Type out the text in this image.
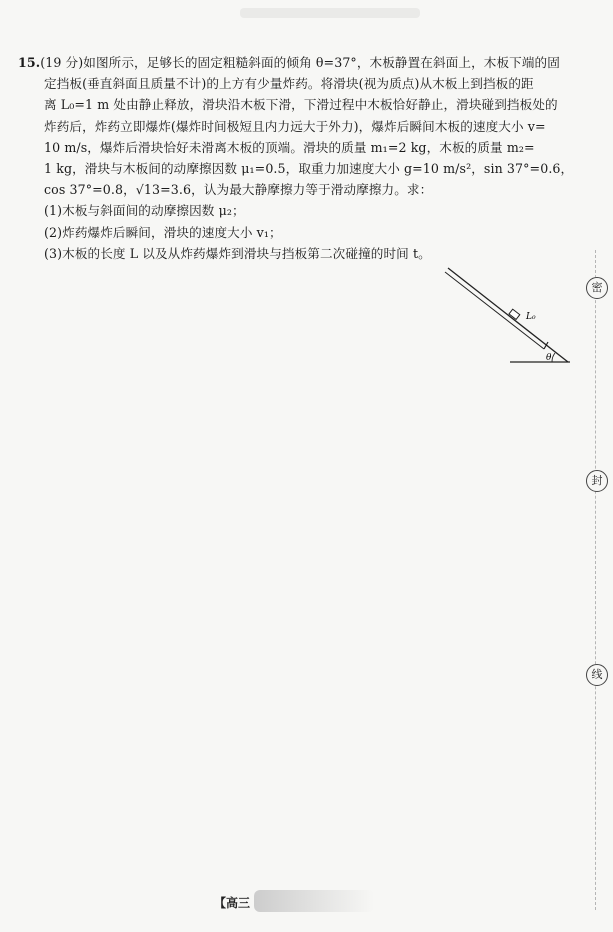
15.(19 分)如图所示，足够长的固定粗糙斜面的倾角 θ=37°，木板静置在斜面上，木板下端的固

定挡板(垂直斜面且质量不计)的上方有少量炸药。将滑块(视为质点)从木板上到挡板的距

离 L₀=1 m 处由静止释放，滑块沿木板下滑，下滑过程中木板恰好静止，滑块碰到挡板处的

炸药后，炸药立即爆炸(爆炸时间极短且内力远大于外力)，爆炸后瞬间木板的速度大小 v=

10 m/s，爆炸后滑块恰好未滑离木板的顶端。滑块的质量 m₁=2 kg，木板的质量 m₂=

1 kg，滑块与木板间的动摩擦因数 μ₁=0.5，取重力加速度大小 g=10 m/s²，sin 37°=0.6，

cos 37°=0.8，√13=3.6，认为最大静摩擦力等于滑动摩擦力。求：

(1)木板与斜面间的动摩擦因数 μ₂；

(2)炸药爆炸后瞬间，滑块的速度大小 v₁；

(3)木板的长度 L 以及从炸药爆炸到滑块与挡板第二次碰撞的时间 t。

L₀
θ
密
封
线
【高三
